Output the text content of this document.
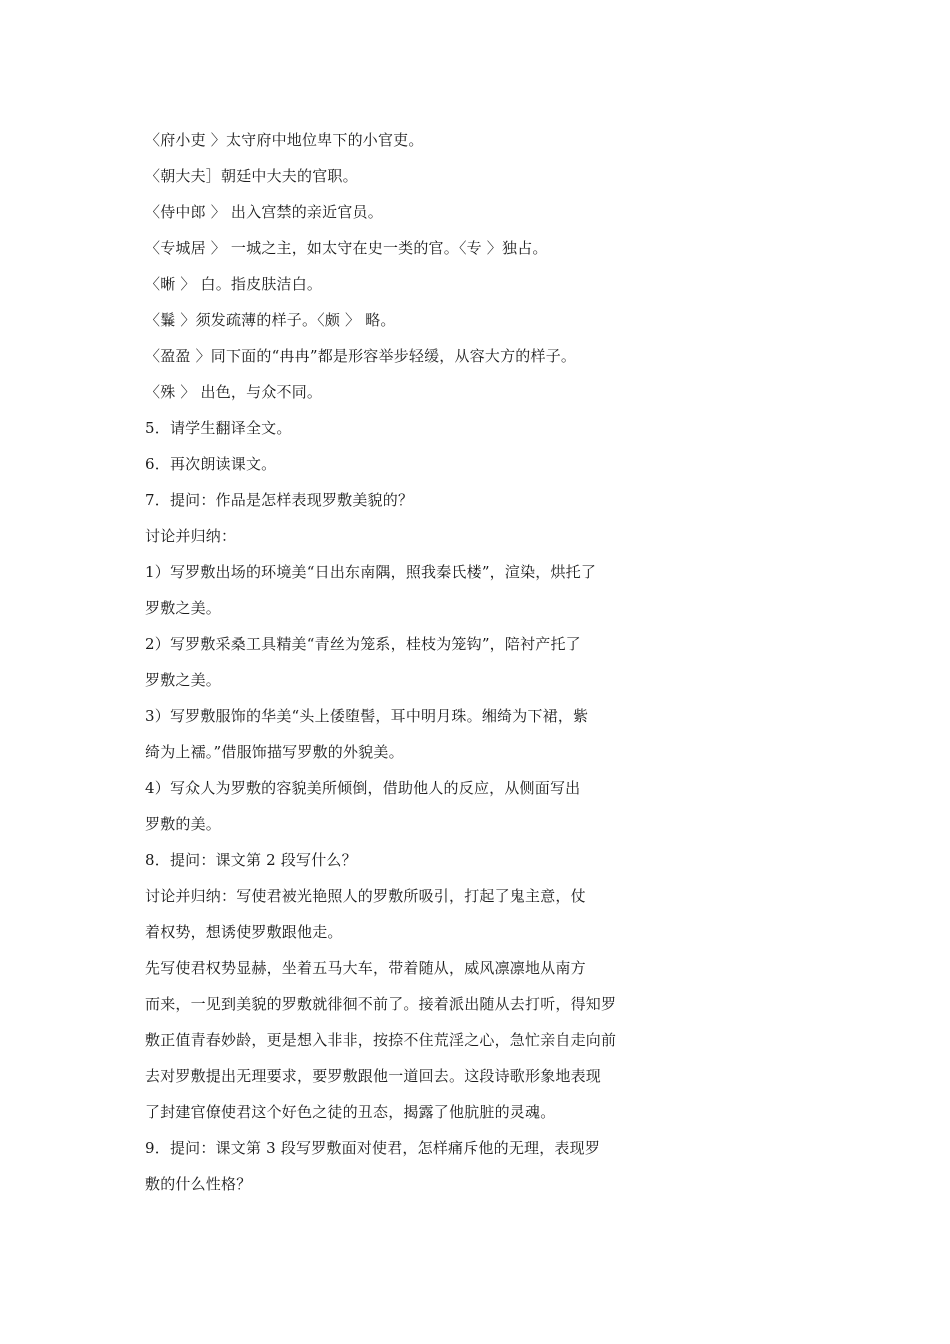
〈府小吏 〉太守府中地位卑下的小官吏。
〈朝大夫］朝廷中大夫的官职。
〈侍中郎 〉 出入宫禁的亲近官员。
〈专城居 〉 一城之主，如太守在史一类的官。〈专 〉独占。
〈晰 〉 白。指皮肤洁白。
〈鬑 〉须发疏薄的样子。〈颇 〉 略。
〈盈盈 〉同下面的“冉冉”都是形容举步轻缓，从容大方的样子。
〈殊 〉 出色，与众不同。
5．请学生翻译全文。
6．再次朗读课文。
7．提问：作品是怎样表现罗敷美貌的？
讨论并归纳：
1）写罗敷出场的环境美“日出东南隅，照我秦氏楼”，渲染，烘托了
罗敷之美。
2）写罗敷采桑工具精美“青丝为笼系，桂枝为笼钩”，陪衬产托了
罗敷之美。
3）写罗敷服饰的华美“头上倭堕髻，耳中明月珠。缃绮为下裙，紫
绮为上襦。”借服饰描写罗敷的外貌美。
4）写众人为罗敷的容貌美所倾倒，借助他人的反应，从侧面写出
罗敷的美。
8．提问：课文第 2 段写什么？
讨论并归纳：写使君被光艳照人的罗敷所吸引，打起了鬼主意，仗
着权势，想诱使罗敷跟他走。
先写使君权势显赫，坐着五马大车，带着随从，威风凛凛地从南方
而来，一见到美貌的罗敷就徘徊不前了。接着派出随从去打听，得知罗
敷正值青春妙龄，更是想入非非，按捺不住荒淫之心，急忙亲自走向前
去对罗敷提出无理要求，要罗敷跟他一道回去。这段诗歌形象地表现
了封建官僚使君这个好色之徒的丑态，揭露了他肮脏的灵魂。
9．提问：课文第 3 段写罗敷面对使君，怎样痛斥他的无理，表现罗
敷的什么性格？
